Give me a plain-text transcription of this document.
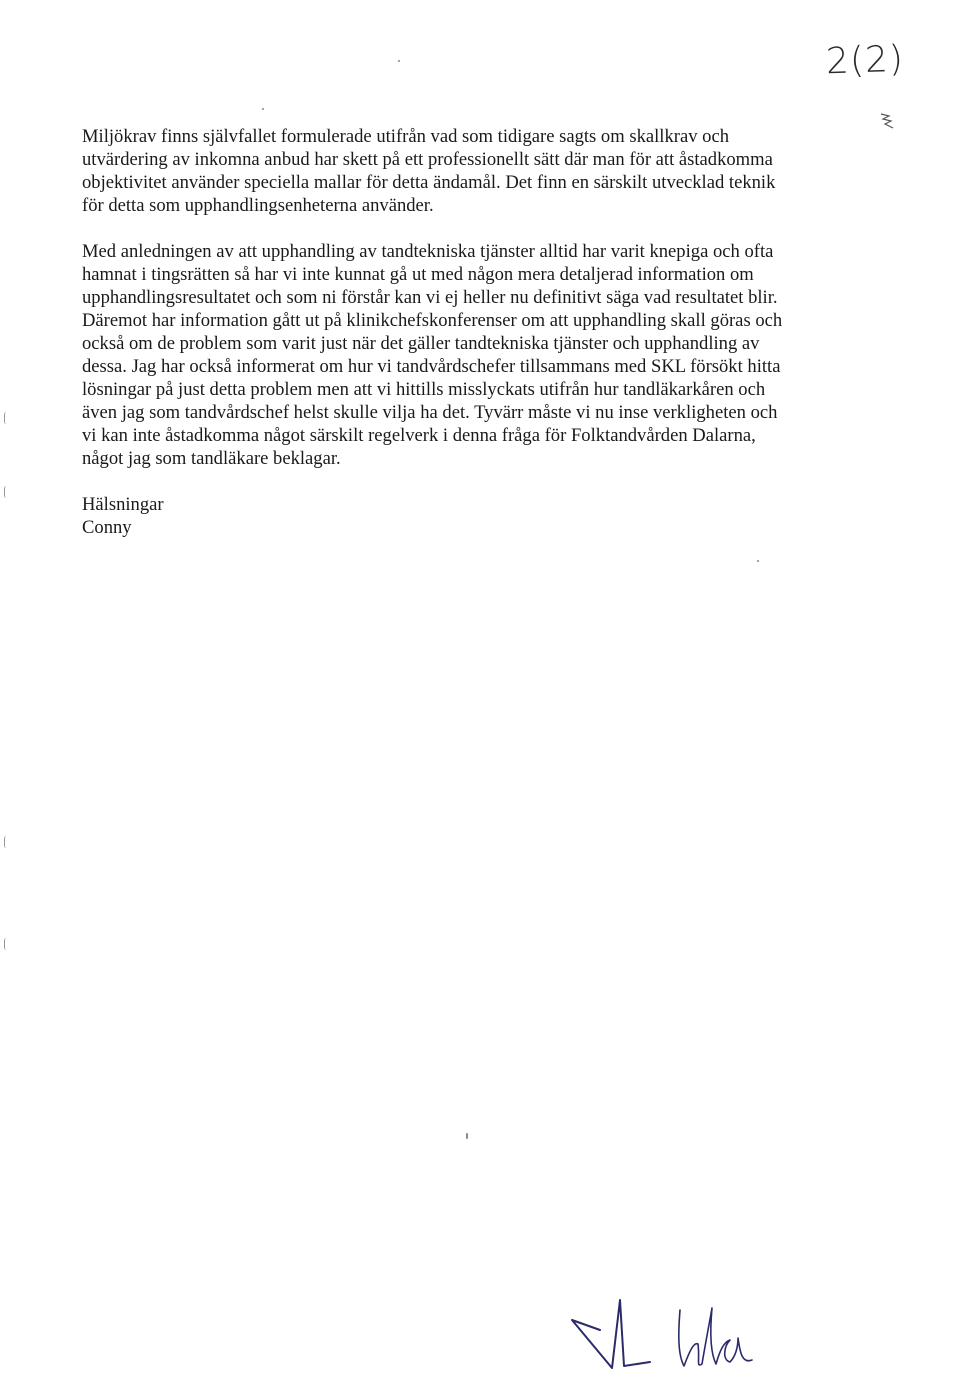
2(2)

Miljökrav finns självfallet formulerade utifrån vad som tidigare sagts om skallkrav och
utvärdering av inkomna anbud har skett på ett professionellt sätt där man för att åstadkomma
objektivitet använder speciella mallar för detta ändamål. Det finn en särskilt utvecklad teknik
för detta som upphandlingsenheterna använder.

Med anledningen av att upphandling av tandtekniska tjänster alltid har varit knepiga och ofta
hamnat i tingsrätten så har vi inte kunnat gå ut med någon mera detaljerad information om
upphandlingsresultatet och som ni förstår kan vi ej heller nu definitivt säga vad resultatet blir.
Däremot har information gått ut på klinikchefskonferenser om att upphandling skall göras och
också om de problem som varit just när det gäller tandtekniska tjänster och upphandling av
dessa. Jag har också informerat om hur vi tandvårdschefer tillsammans med SKL försökt hitta
lösningar på just detta problem men att vi hittills misslyckats utifrån hur tandläkarkåren och
även jag som tandvårdschef helst skulle vilja ha det. Tyvärr måste vi nu inse verkligheten och
vi kan inte åstadkomma något särskilt regelverk i denna fråga för Folktandvården Dalarna,
något jag som tandläkare beklagar.

Hälsningar
Conny
